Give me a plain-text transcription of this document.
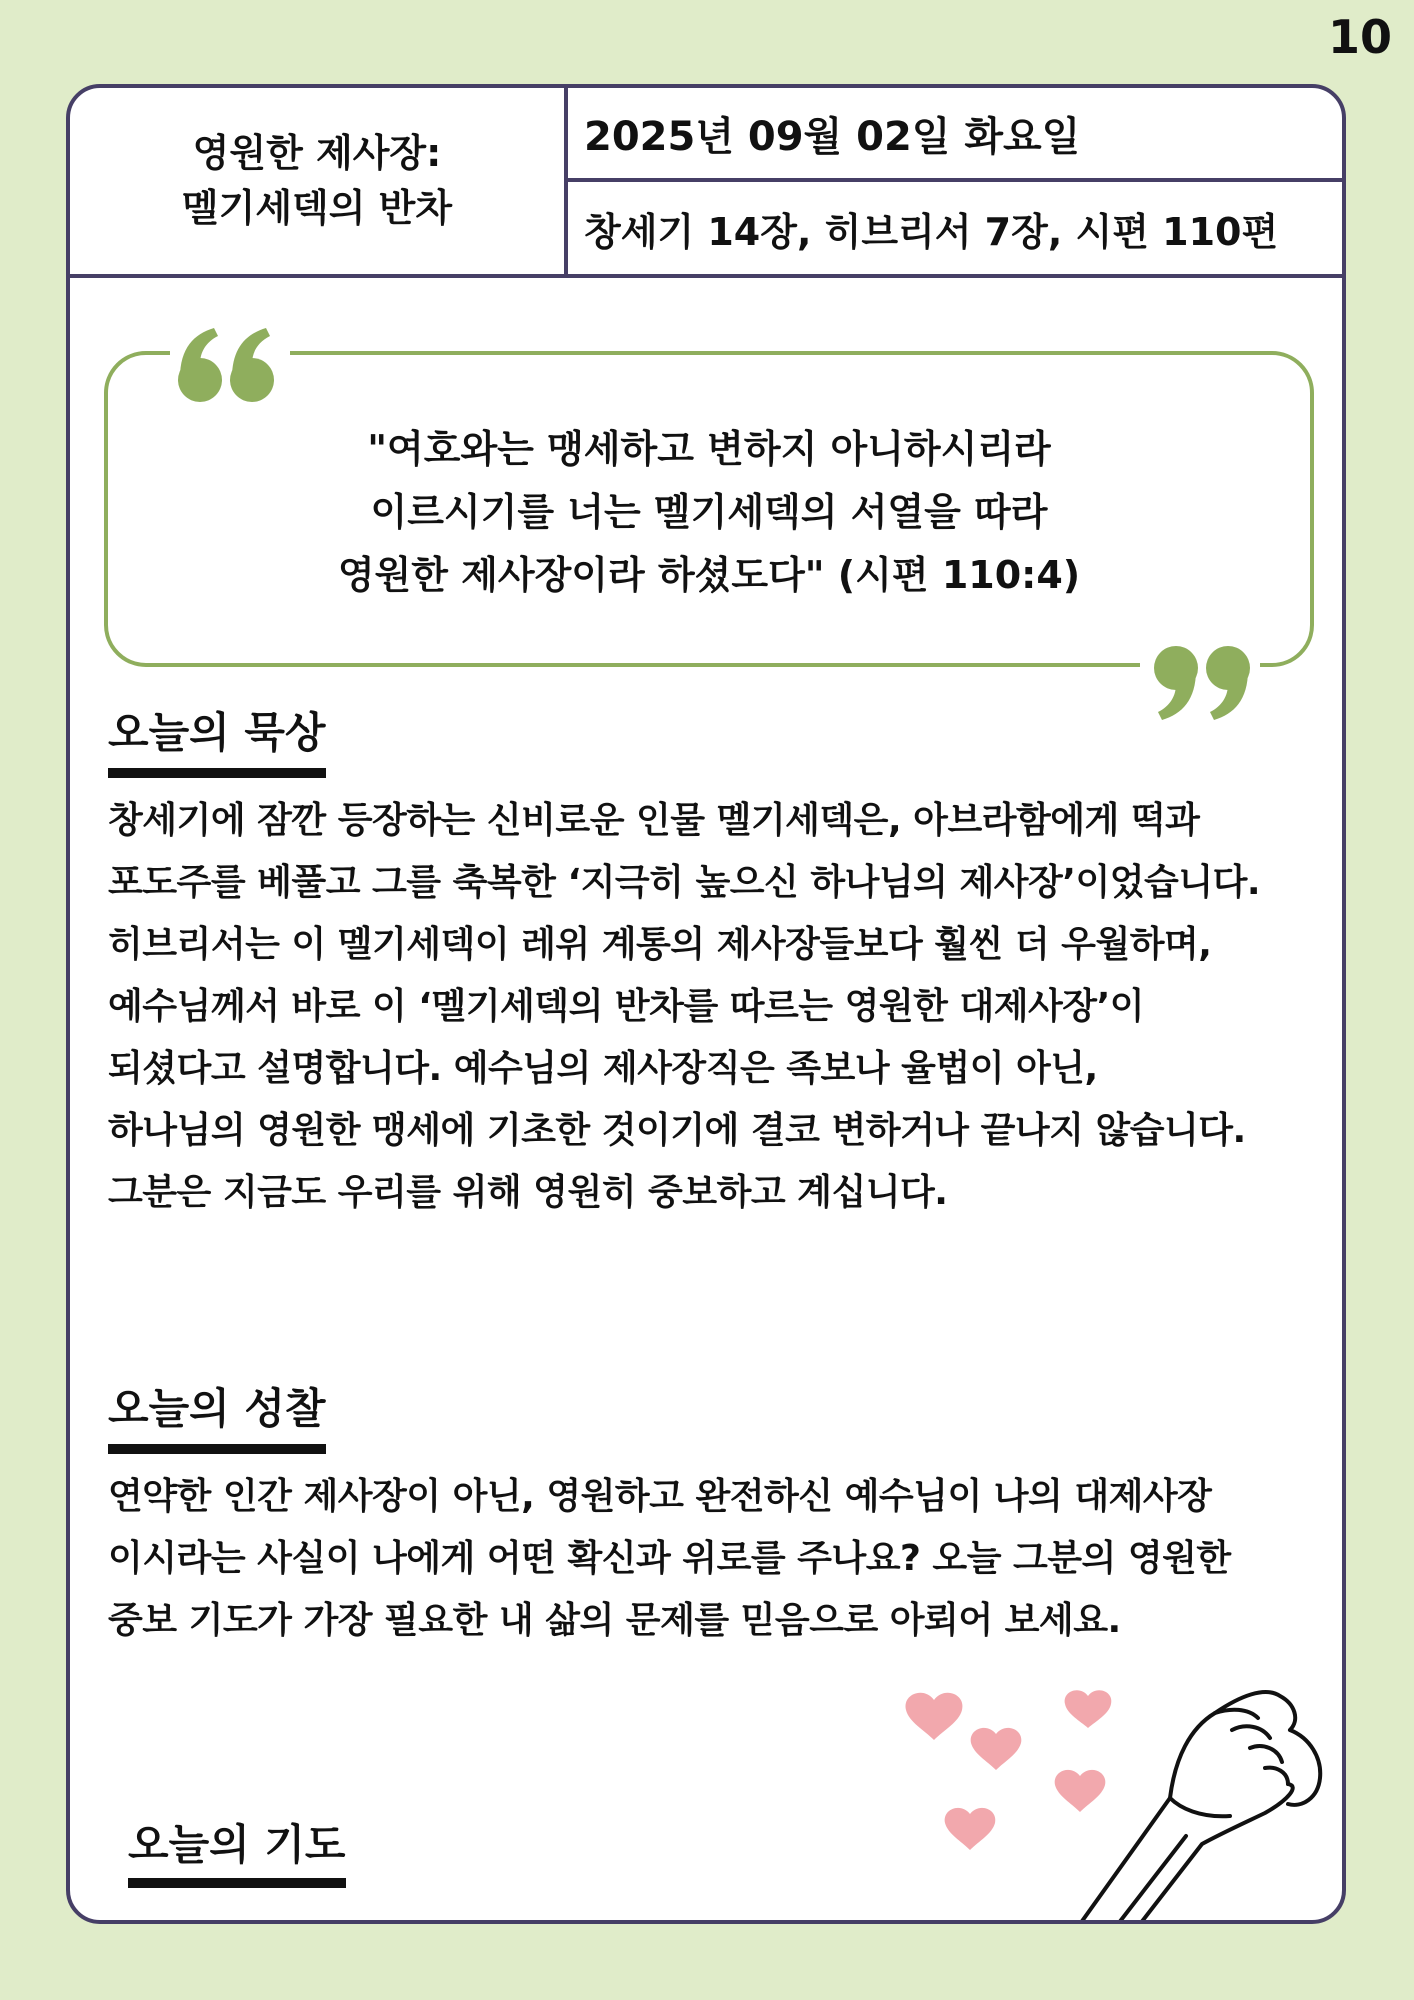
10
영원한 제사장:
멜기세덱의 반차
2025년 09월 02일 화요일
창세기 14장, 히브리서 7장, 시편 110편
"여호와는 맹세하고 변하지 아니하시리라
이르시기를 너는 멜기세덱의 서열을 따라
영원한 제사장이라 하셨도다" (시편 110:4)
오늘의 묵상
창세기에 잠깐 등장하는 신비로운 인물 멜기세덱은, 아브라함에게 떡과
포도주를 베풀고 그를 축복한 ‘지극히 높으신 하나님의 제사장’이었습니다.
히브리서는 이 멜기세덱이 레위 계통의 제사장들보다 훨씬 더 우월하며,
예수님께서 바로 이 ‘멜기세덱의 반차를 따르는 영원한 대제사장’이
되셨다고 설명합니다. 예수님의 제사장직은 족보나 율법이 아닌,
하나님의 영원한 맹세에 기초한 것이기에 결코 변하거나 끝나지 않습니다.
그분은 지금도 우리를 위해 영원히 중보하고 계십니다.
오늘의 성찰
연약한 인간 제사장이 아닌, 영원하고 완전하신 예수님이 나의 대제사장
이시라는 사실이 나에게 어떤 확신과 위로를 주나요? 오늘 그분의 영원한
중보 기도가 가장 필요한 내 삶의 문제를 믿음으로 아뢰어 보세요.
오늘의 기도
